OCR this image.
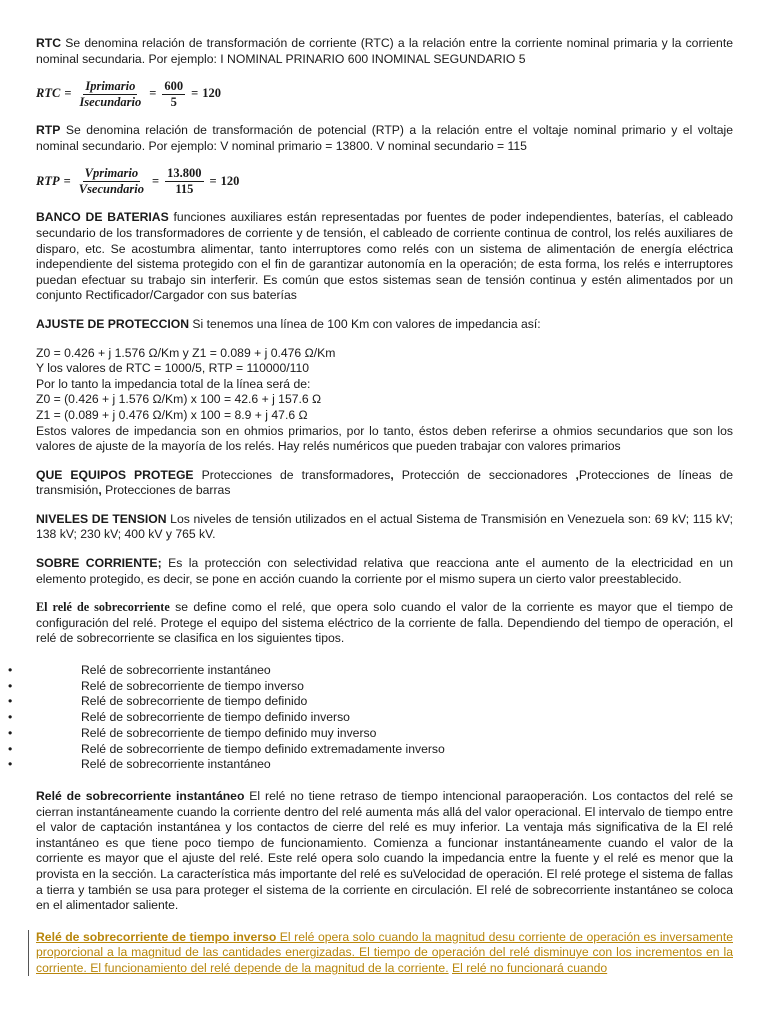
RTC Se denomina relación de transformación de corriente (RTC) a la relación entre la corriente nominal primaria y la corriente nominal secundaria. Por ejemplo: I NOMINAL PRINARIO 600 INOMINAL SEGUNDARIO 5

RTC = $\frac{\text{Iprimario}}{\text{Isecundario}} = \frac{600}{5} = 120$

RTP Se denomina relación de transformación de potencial (RTP) a la relación entre el voltaje nominal primario y el voltaje nominal secundario. Por ejemplo: V nominal primario = 13800. V nominal secundario = 115

RTP = $\frac{\text{Vprimario}}{\text{Vsecundario}} = \frac{13.800}{115} = 120$

BANCO DE BATERIAS funciones auxiliares están representadas por fuentes de poder independientes, baterías, el cableado secundario de los transformadores de corriente y de tensión, el cableado de corriente continua de control, los relés auxiliares de disparo, etc. Se acostumbra alimentar, tanto interruptores como relés con un sistema de alimentación de energía eléctrica independiente del sistema protegido con el fin de garantizar autonomía en la operación; de esta forma, los relés e interruptores puedan efectuar su trabajo sin interferir. Es común que estos sistemas sean de tensión continua y estén alimentados por un conjunto Rectificador/Cargador con sus baterías

AJUSTE DE PROTECCION Si tenemos una línea de 100 Km con valores de impedancia así:

Z0 = 0.426 + j 1.576 Ω/Km y Z1 = 0.089 + j 0.476 Ω/Km
Y los valores de RTC = 1000/5, RTP = 110000/110
Por lo tanto la impedancia total de la línea será de:
Z0 = (0.426 + j 1.576 Ω/Km) x 100 = 42.6 + j 157.6 Ω
Z1 = (0.089 + j 0.476 Ω/Km) x 100 = 8.9 + j 47.6 Ω

Estos valores de impedancia son en ohmios primarios, por lo tanto, éstos deben referirse a ohmios secundarios que son los valores de ajuste de la mayoría de los relés. Hay relés numéricos que pueden trabajar con valores primarios

QUE EQUIPOS PROTEGE Protecciones de transformadores, Protección de seccionadores ,Protecciones de líneas de transmisión, Protecciones de barras

NIVELES DE TENSION Los niveles de tensión utilizados en el actual Sistema de Transmisión en Venezuela son: 69 kV; 115 kV; 138 kV; 230 kV; 400 kV y 765 kV.

SOBRE CORRIENTE; Es la protección con selectividad relativa que reacciona ante el aumento de la electricidad en un elemento protegido, es decir, se pone en acción cuando la corriente por el mismo supera un cierto valor preestablecido.

El relé de sobrecorriente se define como el relé, que opera solo cuando el valor de la corriente es mayor que el tiempo de configuración del relé. Protege el equipo del sistema eléctrico de la corriente de falla. Dependiendo del tiempo de operación, el relé de sobrecorriente se clasifica en los siguientes tipos.

• Relé de sobrecorriente instantáneo
• Relé de sobrecorriente de tiempo inverso
• Relé de sobrecorriente de tiempo definido
• Relé de sobrecorriente de tiempo definido inverso
• Relé de sobrecorriente de tiempo definido muy inverso
• Relé de sobrecorriente de tiempo definido extremadamente inverso
• Relé de sobrecorriente instantáneo

Relé de sobrecorriente instantáneo El relé no tiene retraso de tiempo intencional paraoperación. Los contactos del relé se cierran instantáneamente cuando la corriente dentro del relé aumenta más allá del valor operacional. El intervalo de tiempo entre el valor de captación instantánea y los contactos de cierre del relé es muy inferior. La ventaja más significativa de la El relé instantáneo es que tiene poco tiempo de funcionamiento. Comienza a funcionar instantáneamente cuando el valor de la corriente es mayor que el ajuste del relé. Este relé opera solo cuando la impedancia entre la fuente y el relé es menor que la provista en la sección. La característica más importante del relé es suVelocidad de operación. El relé protege el sistema de fallas a tierra y también se usa para proteger el sistema de la corriente en circulación. El relé de sobrecorriente instantáneo se coloca en el alimentador saliente.

Relé de sobrecorriente de tiempo inverso El relé opera solo cuando la magnitud desu corriente de operación es inversamente proporcional a la magnitud de las cantidades energizadas. El tiempo de operación del relé disminuye con los incrementos en la corriente. El funcionamiento del relé depende de la magnitud de la corriente. El relé no funcionará cuando
